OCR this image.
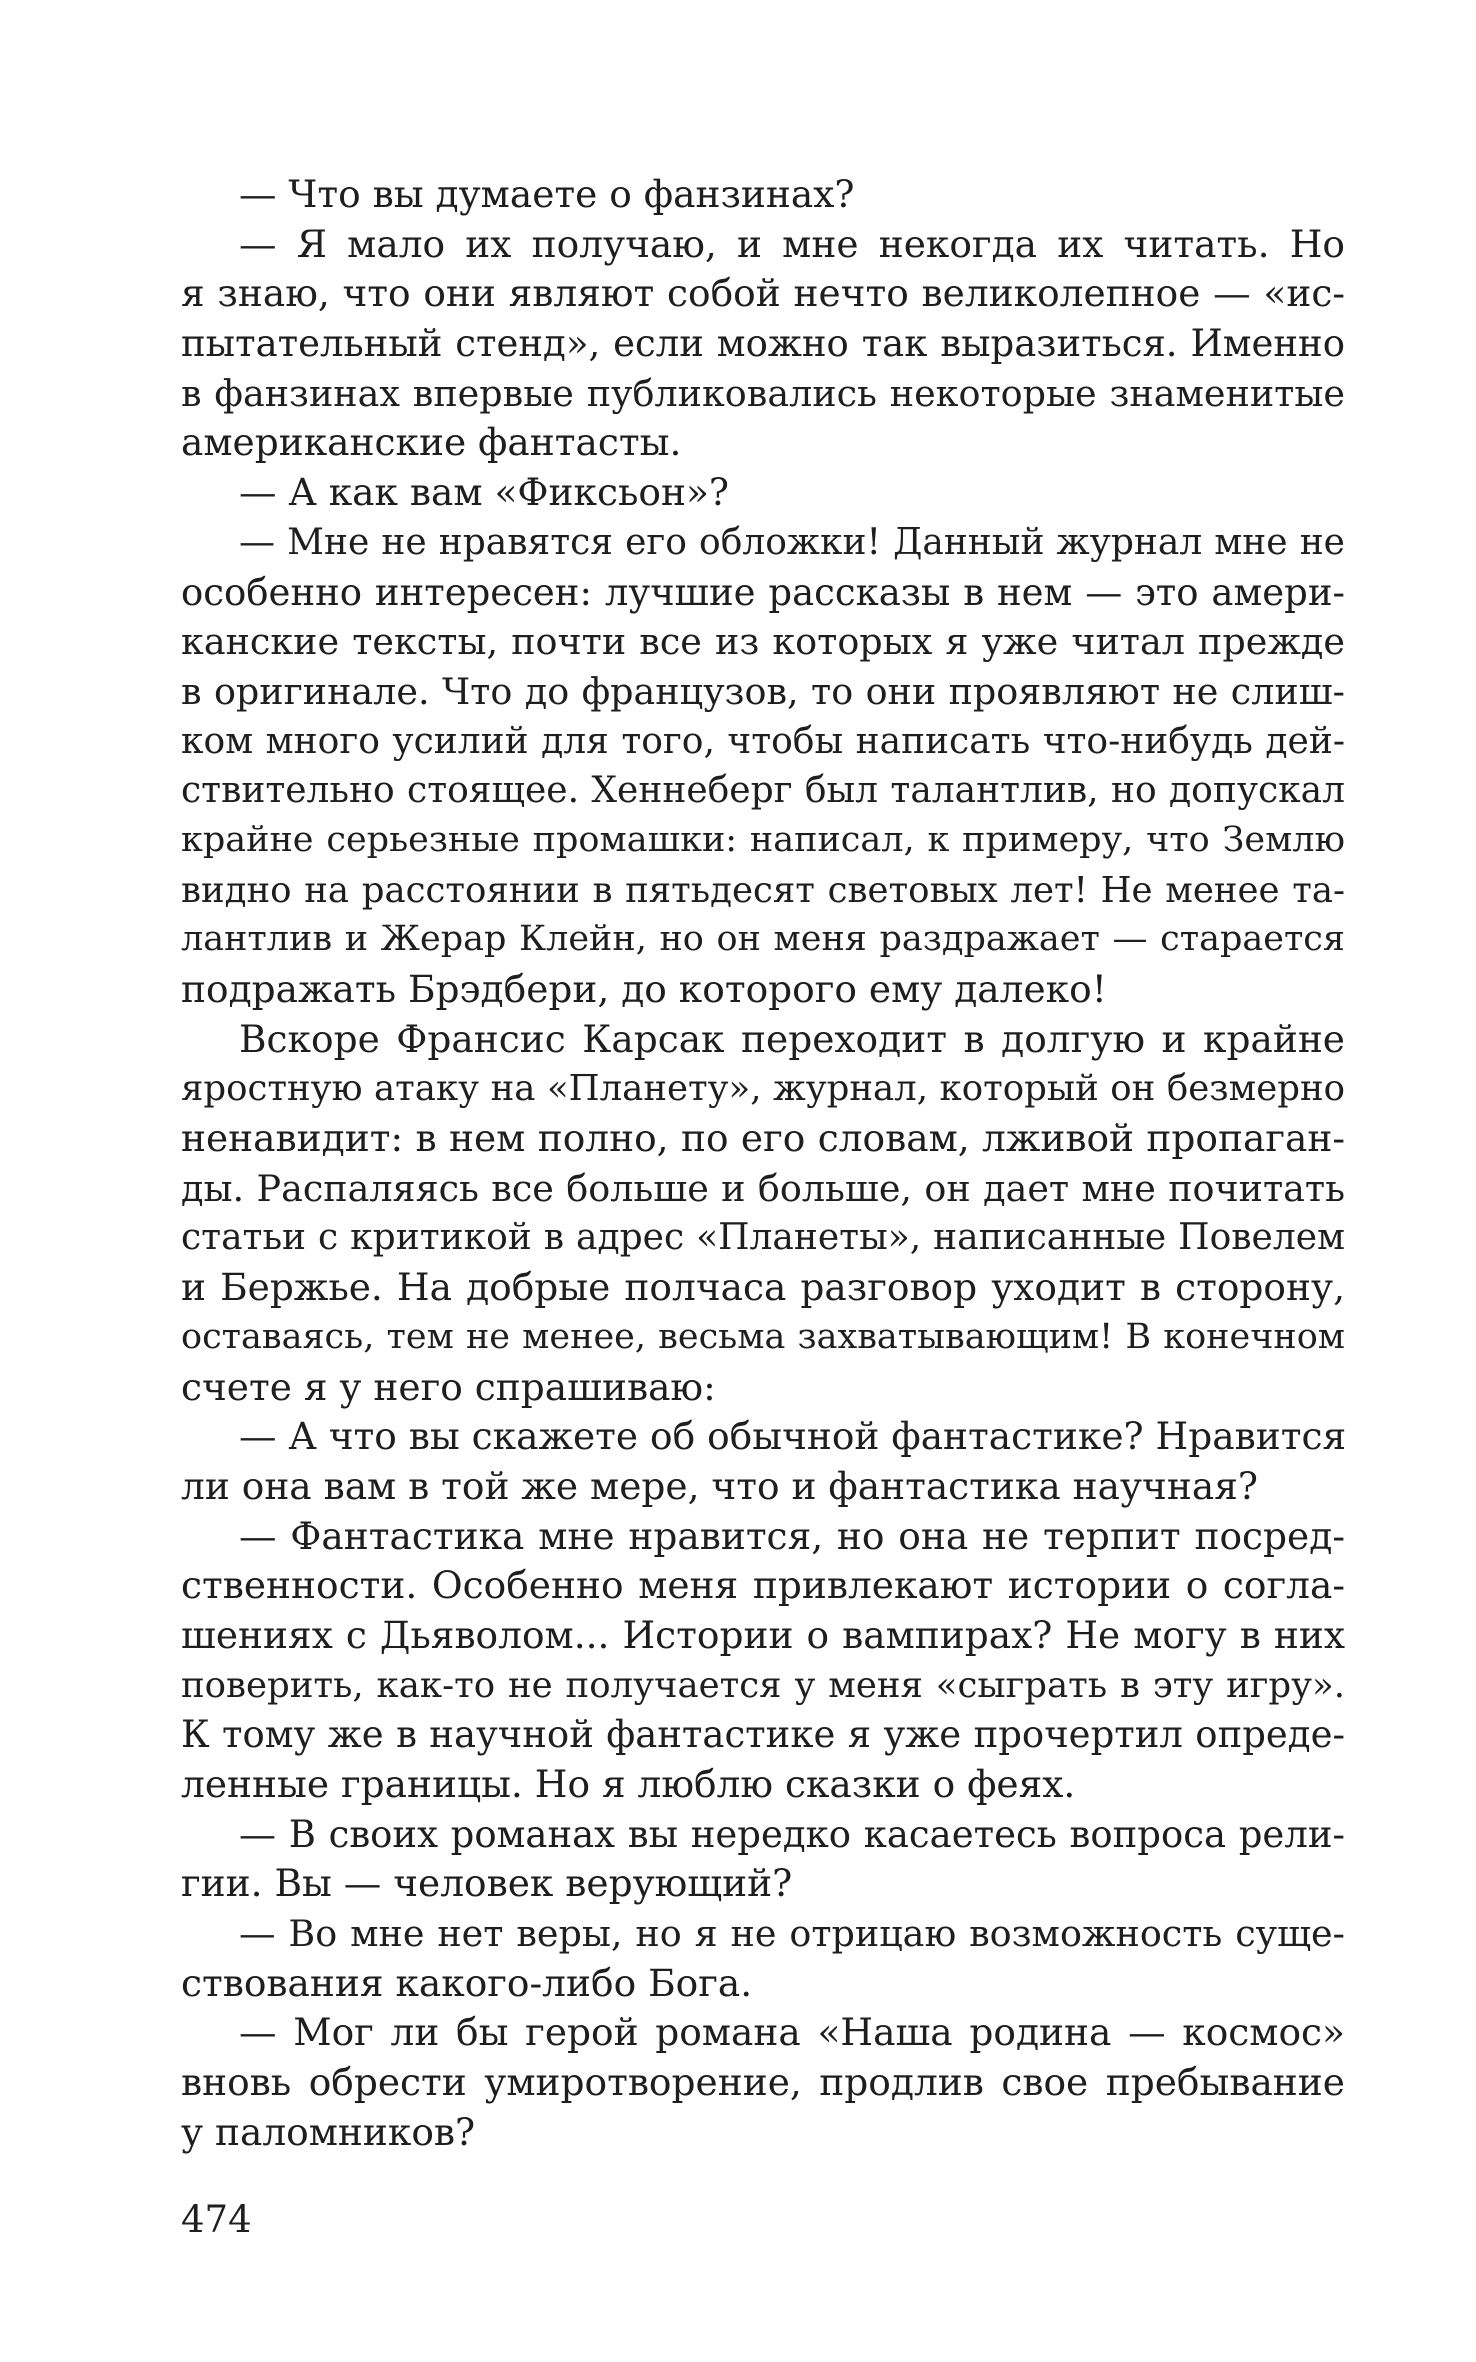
— Что вы думаете о фанзинах?
— Я мало их получаю, и мне некогда их читать. Но
я знаю, что они являют собой нечто великолепное — «ис-
пытательный стенд», если можно так выразиться. Именно
в фанзинах впервые публиковались некоторые знаменитые
американские фантасты.
— А как вам «Фиксьон»?
— Мне не нравятся его обложки! Данный журнал мне не
особенно интересен: лучшие рассказы в нем — это амери-
канские тексты, почти все из которых я уже читал прежде
в оригинале. Что до французов, то они проявляют не слиш-
ком много усилий для того, чтобы написать что-нибудь дей-
ствительно стоящее. Хеннеберг был талантлив, но допускал
крайне серьезные промашки: написал, к примеру, что Землю
видно на расстоянии в пятьдесят световых лет! Не менее та-
лантлив и Жерар Клейн, но он меня раздражает — старается
подражать Брэдбери, до которого ему далеко!
Вскоре Франсис Карсак переходит в долгую и крайне
яростную атаку на «Планету», журнал, который он безмерно
ненавидит: в нем полно, по его словам, лживой пропаган-
ды. Распаляясь все больше и больше, он дает мне почитать
статьи с критикой в адрес «Планеты», написанные Повелем
и Бержье. На добрые полчаса разговор уходит в сторону,
оставаясь, тем не менее, весьма захватывающим! В конечном
счете я у него спрашиваю:
— А что вы скажете об обычной фантастике? Нравится
ли она вам в той же мере, что и фантастика научная?
— Фантастика мне нравится, но она не терпит посред-
ственности. Особенно меня привлекают истории о согла-
шениях с Дьяволом... Истории о вампирах? Не могу в них
поверить, как-то не получается у меня «сыграть в эту игру».
К тому же в научной фантастике я уже прочертил опреде-
ленные границы. Но я люблю сказки о феях.
— В своих романах вы нередко касаетесь вопроса рели-
гии. Вы — человек верующий?
— Во мне нет веры, но я не отрицаю возможность суще-
ствования какого-либо Бога.
— Мог ли бы герой романа «Наша родина — космос»
вновь обрести умиротворение, продлив свое пребывание
у паломников?
474
